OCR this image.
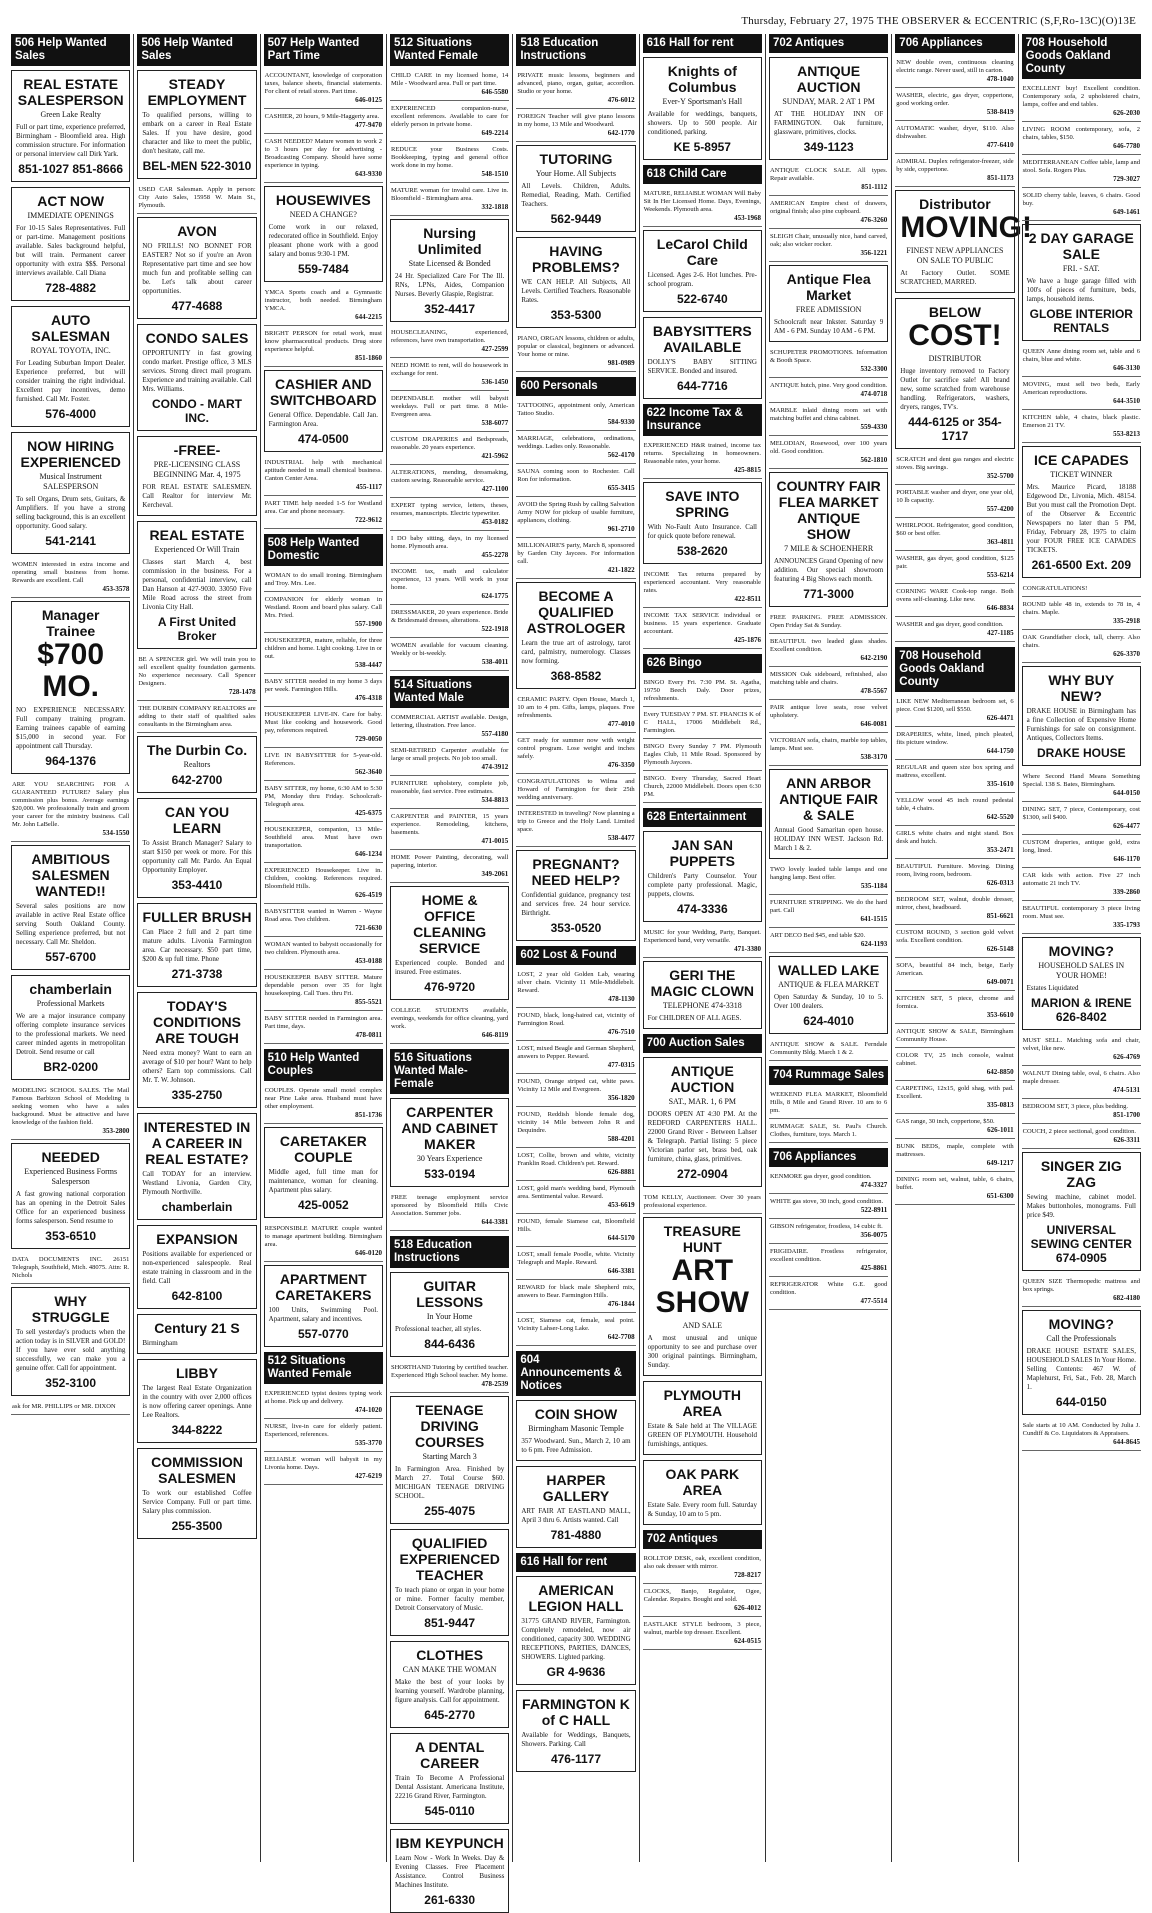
Thursday, February 27, 1975 THE OBSERVER & ECCENTRIC (S,F,Ro-13C)(O)13E
506 Help Wanted Sales
REAL ESTATE SALESPERSON
Green Lake Realty
Full or part time, experience preferred, Birmingham - Bloomfield area. High commission structure. For information or personal interview call Dirk Yark.
851-1027 851-8666
ACT NOW
IMMEDIATE OPENINGS
For 10-15 Sales Representatives. Full or part-time. Management positions available. Sales background helpful, but will train. Permanent career opportunity with extra $$$. Personal interviews available. Call Diana
728-4882
AUTO SALESMAN
ROYAL TOYOTA, INC.
For Leading Suburban Import Dealer. Experience preferred, but will consider training the right individual. Excellent pay incentives, demo furnished. Call Mr. Foster.
576-4000
NOW HIRING EXPERIENCED
Musical Instrument SALESPERSON
To sell Organs, Drum sets, Guitars, & Amplifiers. If you have a strong selling background, this is an excellent opportunity. Good salary.
541-2141
WOMEN interested in extra income and operating small business from home. Rewards are excellent. Call
453-3578
Manager Trainee
$700 MO.
NO EXPERIENCE NECESSARY. Full company training program. Earning trainees capable of earning $15,000 in second year. For appointment call Thursday.
964-1376
ARE YOU SEARCHING FOR A GUARANTEED FUTURE? Salary plus commission plus bonus. Average earnings $20,000. We professionally train and groom your career for the ministry business. Call Mr. John LaBelle.
534-1550
AMBITIOUS SALESMEN WANTED!!
Several sales positions are now available in active Real Estate office serving South Oakland County. Selling experience preferred, but not necessary. Call Mr. Sheldon.
557-6700
chamberlain
Professional Markets
We are a major insurance company offering complete insurance services to the professional markets. We need career minded agents in metropolitan Detroit. Send resume or call
BR2-0200
MODELING SCHOOL SALES. The Mail Famous Barbizon School of Modeling is seeking women who have a sales background. Must be attractive and have knowledge of the fashion field.
353-2800
NEEDED
Experienced Business Forms Salesperson
A fast growing national corporation has an opening in the Detroit Sales Office for an experienced business forms salesperson. Send resume to
353-6510
DATA DOCUMENTS INC. 26151 Telegraph, Southfield, Mich. 48075. Attn: R. Nichols
WHY STRUGGLE
To sell yesterday's products when the action today is in SILVER and GOLD! If you have ever sold anything successfully, we can make you a genuine offer. Call for appointment.
352-3100
ask for MR. PHILLIPS or MR. DIXON
506 Help Wanted Sales
STEADY EMPLOYMENT
To qualified persons, willing to embark on a career in Real Estate Sales. If you have desire, good character and like to meet the public, don't hesitate, call me.
BEL-MEN 522-3010
USED CAR Salesman. Apply in person: City Auto Sales, 15958 W. Main St., Plymouth.
AVON
NO FRILLS! NO BONNET FOR EASTER? Not so if you're an Avon Representative part time and see how much fun and profitable selling can be. Let's talk about career opportunities.
477-4688
CONDO SALES
OPPORTUNITY in fast growing condo market. Prestige office, 3 MLS services. Strong direct mail program. Experience and training available. Call Mrs. Williams.
CONDO - MART INC.
-FREE-
PRE-LICENSING CLASS BEGINNING Mar. 4, 1975
FOR REAL ESTATE SALESMEN. Call Realtor for interview Mr. Kercheval.
REAL ESTATE
Experienced Or Will Train
Classes start March 4, best commission in the business. For a personal, confidential interview, call Dan Hanson at 427-9030. 33050 Five Mile Road across the street from Livonia City Hall.
A First United Broker
BE A SPENCER girl. We will train you to sell excellent quality foundation garments. No experience necessary. Call Spencer Designers.
728-1478
THE DURBIN COMPANY REALTORS are adding to their staff of qualified sales consultants in the Birmingham area.
The Durbin Co.
Realtors
642-2700
CAN YOU LEARN
To Assist Branch Manager? Salary to start $150 per week or more. For this opportunity call Mr. Pardo. An Equal Opportunity Employer.
353-4410
FULLER BRUSH
Can Place 2 full and 2 part time mature adults. Livonia Farmington area. Car necessary. $50 part time, $200 & up full time. Phone
271-3738
TODAY'S CONDITIONS ARE TOUGH
Need extra money? Want to earn an average of $10 per hour? Want to help others? Earn top commissions. Call Mr. T. W. Johnson.
335-2750
INTERESTED IN A CAREER IN REAL ESTATE?
Call TODAY for an interview. Westland Livonia, Garden City, Plymouth Northville.
chamberlain
EXPANSION
Positions available for experienced or non-experienced salespeople. Real estate training in classroom and in the field. Call
642-8100
Century 21 S
Birmingham
LIBBY
The largest Real Estate Organization in the country with over 2,000 offices is now offering career openings. Anne Lee Realtors.
344-8222
COMMISSION SALESMEN
To work our established Coffee Service Company. Full or part time. Salary plus commission.
255-3500
507 Help Wanted Part Time
ACCOUNTANT, knowledge of corporation taxes, balance sheets, financial statements. For client of retail stores. Part time.
646-0125
CASHIER, 20 hours, 9 Mile-Haggerty area.
477-9470
CASH NEEDED? Mature women to work 2 to 3 hours per day for advertising - Broadcasting Company. Should have some experience in typing.
643-9330
HOUSEWIVES
NEED A CHANGE?
Come work in our relaxed, redecorated office in Southfield. Enjoy pleasant phone work with a good salary and bonus 9:30-1 PM.
559-7484
YMCA Sports coach and a Gymnastic instructor, both needed. Birmingham YMCA.
644-2215
BRIGHT PERSON for retail work, must know pharmaceutical products. Drug store experience helpful.
851-1860
CASHIER AND SWITCHBOARD
General Office. Dependable. Call Jan. Farmington Area.
474-0500
INDUSTRIAL help with mechanical aptitude needed in small chemical business. Canton Center Area.
455-1117
PART TIME help needed 1-5 for Westland area. Car and phone necessary.
722-9612
508 Help Wanted Domestic
WOMAN to do small ironing. Birmingham and Troy. Mrs. Lee.
COMPANION for elderly woman in Westland. Room and board plus salary. Call Mrs. Fried.
557-1900
HOUSEKEEPER, mature, reliable, for three children and home. Light cooking. Live in or out.
538-4447
BABY SITTER needed in my home 3 days per week. Farmington Hills.
476-4318
HOUSEKEEPER LIVE-IN. Care for baby. Must like cooking and housework. Good pay, references required.
729-0050
LIVE IN BABYSITTER for 5-year-old. References.
562-3640
BABY SITTER, my home, 6:30 AM to 5:30 PM, Monday thru Friday. Schoolcraft-Telegraph area.
425-6375
HOUSEKEEPER, companion, 13 Mile-Southfield area. Must have own transportation.
646-1234
EXPERIENCED Housekeeper. Live in. Children, cooking. References required. Bloomfield Hills.
626-4519
BABYSITTER wanted in Warren - Wayne Road area. Two children.
721-6630
WOMAN wanted to babysit occasionally for two children. Plymouth area.
453-0188
HOUSEKEEPER BABY SITTER. Mature dependable person over 35 for light housekeeping. Call Tues. thru Fri.
855-5521
BABY SITTER needed in Farmington area. Part time, days.
478-0811
510 Help Wanted Couples
COUPLES. Operate small motel complex near Pine Lake area. Husband must have other employment.
851-1736
CARETAKER COUPLE
Middle aged, full time man for maintenance, woman for cleaning. Apartment plus salary.
425-0052
RESPONSIBLE MATURE couple wanted to manage apartment building. Birmingham area.
646-0120
APARTMENT CARETAKERS
100 Units, Swimming Pool. Apartment, salary and incentives.
557-0770
512 Situations Wanted Female
EXPERIENCED typist desires typing work at home. Pick up and delivery.
474-1020
NURSE, live-in care for elderly patient. Experienced, references.
535-3770
RELIABLE woman will babysit in my Livonia home. Days.
427-6219
512 Situations Wanted Female
CHILD CARE in my licensed home, 14 Mile - Woodward area. Full or part time.
646-5580
EXPERIENCED companion-nurse, excellent references. Available to care for elderly person in private home.
649-2214
REDUCE your Business Costs. Bookkeeping, typing and general office work done in my home.
548-1510
MATURE woman for invalid care. Live in. Bloomfield - Birmingham area.
332-1818
Nursing Unlimited
State Licensed & Bonded
24 Hr. Specialized Care For The Ill. RNs, LPNs, Aides, Companion Nurses. Beverly Glaspie, Registrar.
352-4417
HOUSECLEANING, experienced, references, have own transportation.
427-2599
NEED HOME to rent, will do housework in exchange for rent.
536-1450
DEPENDABLE mother will babysit weekdays. Full or part time. 8 Mile-Evergreen area.
538-6077
CUSTOM DRAPERIES and Bedspreads, reasonable. 20 years experience.
421-5962
ALTERATIONS, mending, dressmaking, custom sewing. Reasonable service.
427-1100
EXPERT typing service, letters, theses, resumes, manuscripts. Electric typewriter.
453-0182
I DO baby sitting, days, in my licensed home. Plymouth area.
455-2278
INCOME tax, math and calculator experience, 13 years. Will work in your home.
624-1775
DRESSMAKER, 20 years experience. Bride & Bridesmaid dresses, alterations.
522-1918
WOMEN available for vacuum cleaning. Weekly or bi-weekly.
538-4011
514 Situations Wanted Male
COMMERCIAL ARTIST available. Design, lettering, illustration. Free lance.
557-4180
SEMI-RETIRED Carpenter available for large or small projects. No job too small.
474-3912
FURNITURE upholstery, complete job, reasonable, fast service. Free estimates.
534-8813
CARPENTER and PAINTER, 15 years experience. Remodeling, kitchens, basements.
471-0015
HOME Power Painting, decorating, wall papering, interior.
349-2061
HOME & OFFICE CLEANING SERVICE
Experienced couple. Bonded and insured. Free estimates.
476-9720
COLLEGE STUDENTS available, evenings, weekends for office cleaning, yard work.
646-8119
516 Situations Wanted Male-Female
CARPENTER AND CABINET MAKER
30 Years Experience
533-0194
FREE teenage employment service sponsored by Bloomfield Hills Civic Association. Summer jobs.
644-3381
518 Education Instructions
GUITAR LESSONS
In Your Home
Professional teacher, all styles.
844-6436
SHORTHAND Tutoring by certified teacher. Experienced High School teacher. My home.
478-2539
TEENAGE DRIVING COURSES
Starting March 3
In Farmington Area. Finished by March 27. Total Course $60. MICHIGAN TEENAGE DRIVING SCHOOL.
255-4075
QUALIFIED EXPERIENCED TEACHER
To teach piano or organ in your home or mine. Former faculty member, Detroit Conservatory of Music.
851-9447
CLOTHES
CAN MAKE THE WOMAN
Make the best of your looks by learning yourself. Wardrobe planning, figure analysis. Call for appointment.
645-2770
A DENTAL CAREER
Train To Become A Professional Dental Assistant. Americana Institute, 22216 Grand River, Farmington.
545-0110
IBM KEYPUNCH
Learn Now - Work In Weeks. Day & Evening Classes. Free Placement Assistance. Control Business Machines Institute.
261-6330
518 Education Instructions
PRIVATE music lessons, beginners and advanced, piano, organ, guitar, accordion. Studio or your home.
476-6012
FOREIGN Teacher will give piano lessons in my home, 13 Mile and Woodward.
642-1770
TUTORING
Your Home. All Subjects
All Levels. Children, Adults. Remedial, Reading, Math. Certified Teachers.
562-9449
HAVING PROBLEMS?
WE CAN HELP. All Subjects, All Levels. Certified Teachers. Reasonable Rates.
353-5300
PIANO, ORGAN lessons, children or adults, popular or classical, beginners or advanced. Your home or mine.
981-0989
600 Personals
TATTOOING, appointment only, American Tattoo Studio.
584-9330
MARRIAGE, celebrations, ordinations, weddings. Ladies only. Reasonable.
562-4170
SAUNA coming soon to Rochester. Call Ron for information.
655-3415
AVOID the Spring Rush by calling Salvation Army NOW for pickup of usable furniture, appliances, clothing.
961-2710
MILLIONAIRE'S party, March 8, sponsored by Garden City Jaycees. For information call.
421-1822
BECOME A QUALIFIED ASTROLOGER
Learn the true art of astrology, tarot card, palmistry, numerology. Classes now forming.
368-8582
CERAMIC PARTY. Open House, March 1, 10 am to 4 pm. Gifts, lamps, plaques. Free refreshments.
477-4010
GET ready for summer now with weight control program. Lose weight and inches safely.
476-3350
CONGRATULATIONS to Wilma and Howard of Farmington for their 25th wedding anniversary.
INTERESTED in traveling? Now planning a trip to Greece and the Holy Land. Limited space.
538-4477
PREGNANT? NEED HELP?
Confidential guidance, pregnancy test and services free. 24 hour service. Birthright.
353-0520
602 Lost & Found
LOST, 2 year old Golden Lab, wearing silver chain. Vicinity 11 Mile-Middlebelt. Reward.
478-1130
FOUND, black, long-haired cat, vicinity of Farmington Road.
476-7510
LOST, mixed Beagle and German Shepherd, answers to Pepper. Reward.
477-0315
FOUND, Orange striped cat, white paws. Vicinity 12 Mile and Evergreen.
356-1820
FOUND, Reddish blonde female dog, vicinity 14 Mile between John R and Dequindre.
588-4201
LOST, Collie, brown and white, vicinity Franklin Road. Children's pet. Reward.
626-8881
LOST, gold man's wedding band, Plymouth area. Sentimental value. Reward.
453-6619
FOUND, female Siamese cat, Bloomfield Hills.
644-5170
LOST, small female Poodle, white. Vicinity Telegraph and Maple. Reward.
646-3381
REWARD for black male Shepherd mix, answers to Bear. Farmington Hills.
476-1844
LOST, Siamese cat, female, seal point. Vicinity Lahser-Long Lake.
642-7708
604 Announcements & Notices
COIN SHOW
Birmingham Masonic Temple
357 Woodward. Sun., March 2, 10 am to 6 pm. Free Admission.
HARPER GALLERY
ART FAIR AT EASTLAND MALL, April 3 thru 6. Artists wanted. Call
781-4880
616 Hall for rent
AMERICAN LEGION HALL
31775 GRAND RIVER, Farmington. Completely remodeled, now air conditioned, capacity 300. WEDDING RECEPTIONS, PARTIES, DANCES, SHOWERS. Lighted parking.
GR 4-9636
FARMINGTON K of C HALL
Available for Weddings, Banquets, Showers. Parking. Call
476-1177
616 Hall for rent
Knights of Columbus
Ever-Y Sportsman's Hall
Available for weddings, banquets, showers. Up to 500 people. Air conditioned, parking.
KE 5-8957
618 Child Care
MATURE, RELIABLE WOMAN Will Baby Sit In Her Licensed Home. Days, Evenings, Weekends. Plymouth area.
453-1968
LeCarol Child Care
Licensed. Ages 2-6. Hot lunches. Pre-school program.
522-6740
BABYSITTERS AVAILABLE
DOLLY'S BABY SITTING SERVICE. Bonded and insured.
644-7716
622 Income Tax & Insurance
EXPERIENCED H&R trained, income tax returns. Specializing in homeowners. Reasonable rates, your home.
425-8815
SAVE INTO SPRING
With No-Fault Auto Insurance. Call for quick quote before renewal.
538-2620
INCOME Tax returns prepared by experienced accountant. Very reasonable rates.
422-8511
INCOME TAX SERVICE individual or business. 15 years experience. Graduate accountant.
425-1876
626 Bingo
BINGO Every Fri. 7:30 PM. St. Agatha, 19750 Beech Daly. Door prizes, refreshments.
Every TUESDAY 7 PM. ST. FRANCIS K of C HALL, 17006 Middlebelt Rd., Farmington.
BINGO Every Sunday 7 PM. Plymouth Eagles Club, 11 Mile Road. Sponsored by Plymouth Jaycees.
BINGO. Every Thursday, Sacred Heart Church, 22000 Middlebelt. Doors open 6:30 PM.
628 Entertainment
JAN SAN PUPPETS
Children's Party Counselor. Your complete party professional. Magic, puppets, clowns.
474-3336
MUSIC for your Wedding, Party, Banquet. Experienced band, very versatile.
471-3380
GERI THE MAGIC CLOWN
TELEPHONE 474-3318
For CHILDREN OF ALL AGES.
700 Auction Sales
ANTIQUE AUCTION
SAT., MAR. 1, 6 PM
DOORS OPEN AT 4:30 PM. At the REDFORD CARPENTERS HALL. 22000 Grand River - Between Lahser & Telegraph. Partial listing: 5 piece Victorian parlor set, brass bed, oak furniture, china, glass, primitives.
272-0904
TOM KELLY, Auctioneer. Over 30 years professional experience.
TREASURE HUNT
ART SHOW
AND SALE
A most unusual and unique opportunity to see and purchase over 300 original paintings. Birmingham, Sunday.
PLYMOUTH AREA
Estate & Sale held at The VILLAGE GREEN OF PLYMOUTH. Household furnishings, antiques.
OAK PARK AREA
Estate Sale. Every room full. Saturday & Sunday, 10 am to 5 pm.
702 Antiques
ROLLTOP DESK, oak, excellent condition, also oak dresser with mirror.
728-8217
CLOCKS, Banjo, Regulator, Ogee, Calendar. Repairs. Bought and sold.
626-4012
EASTLAKE STYLE bedroom, 3 piece, walnut, marble top dresser. Excellent.
624-0515
702 Antiques
ANTIQUE AUCTION
SUNDAY, MAR. 2 AT 1 PM
AT THE HOLIDAY INN OF FARMINGTON. Oak furniture, glassware, primitives, clocks.
349-1123
ANTIQUE CLOCK SALE. All types. Repair available.
851-1112
AMERICAN Empire chest of drawers, original finish; also pine cupboard.
476-3260
SLEIGH Chair, unusually nice, hand carved, oak; also wicker rocker.
356-1221
Antique Flea Market
FREE ADMISSION
Schoolcraft near Inkster. Saturday 9 AM - 6 PM. Sunday 10 AM - 6 PM.
SCHUPETER PROMOTIONS. Information & Booth Space.
532-3300
ANTIQUE hutch, pine. Very good condition.
474-0718
MARBLE inlaid dining room set with matching buffet and china cabinet.
559-4330
MELODIAN, Rosewood, over 100 years old. Good condition.
562-1810
COUNTRY FAIR FLEA MARKET ANTIQUE SHOW
7 MILE & SCHOENHERR
ANNOUNCES Grand Opening of new addition. Our special showroom featuring 4 Big Shows each month.
771-3000
FREE PARKING. FREE ADMISSION. Open Friday Sat & Sunday.
BEAUTIFUL two leaded glass shades. Excellent condition.
642-2190
MISSION Oak sideboard, refinished, also matching table and chairs.
478-5567
PAIR antique love seats, rose velvet upholstery.
646-0081
VICTORIAN sofa, chairs, marble top tables, lamps. Must see.
538-3170
ANN ARBOR ANTIQUE FAIR & SALE
Annual Good Samaritan open house. HOLIDAY INN WEST. Jackson Rd. March 1 & 2.
TWO lovely leaded table lamps and one hanging lamp. Best offer.
535-1184
FURNITURE STRIPPING. We do the hard part. Call
641-1515
ART DECO Bed $45, end table $20.
624-1193
WALLED LAKE
ANTIQUE & FLEA MARKET
Open Saturday & Sunday, 10 to 5. Over 100 dealers.
624-4010
ANTIQUE SHOW & SALE. Ferndale Community Bldg. March 1 & 2.
704 Rummage Sales
WEEKEND FLEA MARKET, Bloomfield Hills, 8 Mile and Grand River. 10 am to 6 pm.
RUMMAGE SALE, St. Paul's Church. Clothes, furniture, toys. March 1.
706 Appliances
KENMORE gas dryer, good condition.
474-3327
WHITE gas stove, 30 inch, good condition.
522-8911
GIBSON refrigerator, frostless, 14 cubic ft.
356-0075
FRIGIDAIRE. Frostless refrigerator, excellent condition.
425-8861
REFRIGERATOR White G.E. good condition.
477-5514
706 Appliances
NEW double oven, continuous cleaning electric range. Never used, still in carton.
478-1040
WASHER, electric, gas dryer, coppertone, good working order.
538-8419
AUTOMATIC washer, dryer, $110. Also dishwasher.
477-6410
ADMIRAL Duplex refrigerator-freezer, side by side, coppertone.
851-1173
Distributor
MOVING!
FINEST NEW APPLIANCES ON SALE TO PUBLIC
At Factory Outlet. SOME SCRATCHED, MARRED.
BELOW
COST!
DISTRIBUTOR
Huge inventory removed to Factory Outlet for sacrifice sale! All brand new, some scratched from warehouse handling. Refrigerators, washers, dryers, ranges, TV's.
444-6125 or 354-1717
SCRATCH and dent gas ranges and electric stoves. Big savings.
352-5700
PORTABLE washer and dryer, one year old, 10 lb capacity.
557-4200
WHIRLPOOL Refrigerator, good condition, $60 or best offer.
363-4811
WASHER, gas dryer, good condition, $125 pair.
553-6214
CORNING WARE Cook-top range. Both ovens self-cleaning. Like new.
646-8834
WASHER and gas dryer, good condition.
427-1185
708 Household Goods Oakland County
LIKE NEW Mediterranean bedroom set, 6 piece. Cost $1200, sell $550.
626-4471
DRAPERIES, white, lined, pinch pleated, fits picture window.
644-1750
REGULAR and queen size box spring and mattress, excellent.
335-1610
YELLOW wood 45 inch round pedestal table, 4 chairs.
642-5520
GIRLS white chairs and night stand. Box desk and hutch.
353-2471
BEAUTIFUL Furniture. Moving. Dining room, living room, bedroom.
626-0313
BEDROOM SET, walnut, double dresser, mirror, chest, headboard.
851-6621
CUSTOM ROUND, 3 section gold velvet sofa. Excellent condition.
626-5148
SOFA, beautiful 84 inch, beige, Early American.
649-0071
KITCHEN SET, 5 piece, chrome and formica.
353-6610
ANTIQUE SHOW & SALE, Birmingham Community House.
COLOR TV, 25 inch console, walnut cabinet.
642-8850
CARPETING, 12x15, gold shag, with pad. Excellent.
335-0813
GAS range, 30 inch, coppertone, $50.
626-1011
BUNK BEDS, maple, complete with mattresses.
649-1217
DINING room set, walnut, table, 6 chairs, buffet.
651-6300
708 Household Goods Oakland County
EXCELLENT buy! Excellent condition. Contemporary sofa, 2 upholstered chairs, lamps, coffee and end tables.
626-2030
LIVING ROOM contemporary, sofa, 2 chairs, tables, $150.
646-7780
MEDITERRANEAN Coffee table, lamp and stool. Sofa. Rogers Plus.
729-3027
SOLID cherry table, leaves, 6 chairs. Good buy.
649-1461
2 DAY GARAGE SALE
FRI. - SAT.
We have a huge garage filled with 100's of pieces of furniture, beds, lamps, household items.
GLOBE INTERIOR RENTALS
QUEEN Anne dining room set, table and 6 chairs, blue and white.
646-3130
MOVING, must sell two beds, Early American reproductions.
644-3510
KITCHEN table, 4 chairs, black plastic. Emerson 21 TV.
553-8213
ICE CAPADES
TICKET WINNER
Mrs. Maurice Picard, 18188 Edgewood Dr., Livonia, Mich. 48154. But you must call the Promotion Dept. of the Observer & Eccentric Newspapers no later than 5 PM, Friday, February 28, 1975 to claim your FOUR FREE ICE CAPADES TICKETS.
261-6500 Ext. 209
CONGRATULATIONS!
ROUND table 48 in, extends to 78 in, 4 chairs. Maple.
335-2918
OAK Grandfather clock, tall, cherry. Also chairs.
626-3370
WHY BUY NEW?
DRAKE HOUSE in Birmingham has a fine Collection of Expensive Home Furnishings for sale on consignment. Antiques, Collectors Items.
DRAKE HOUSE
Where Second Hand Means Something Special. 138 S. Bates, Birmingham.
644-0150
DINING SET, 7 piece, Contemporary, cost $1300, sell $400.
626-4477
CUSTOM draperies, antique gold, extra long, lined.
646-1170
CAR kids with action. Five 27 inch automatic 21 inch TV.
339-2860
BEAUTIFUL contemporary 3 piece living room. Must see.
335-1793
MOVING?
HOUSEHOLD SALES IN YOUR HOME!
Estates Liquidated
MARION & IRENE 626-8402
MUST SELL. Matching sofa and chair, velvet, like new.
626-4769
WALNUT Dining table, oval, 6 chairs. Also maple dresser.
474-5131
BEDROOM SET, 3 piece, plus bedding.
851-1700
COUCH, 2 piece sectional, good condition.
626-3311
SINGER ZIG ZAG
Sewing machine, cabinet model. Makes buttonholes, monograms. Full price $49.
UNIVERSAL SEWING CENTER 674-0905
QUEEN SIZE Thermopedic mattress and box springs.
682-4180
MOVING?
Call the Professionals
DRAKE HOUSE ESTATE SALES, HOUSEHOLD SALES In Your Home. Selling Contents: 467 W. of Maplehurst, Fri, Sat., Feb. 28, March 1.
644-0150
Sale starts at 10 AM. Conducted by Julia J. Cundiff & Co. Liquidators & Appraisers.
644-8645
